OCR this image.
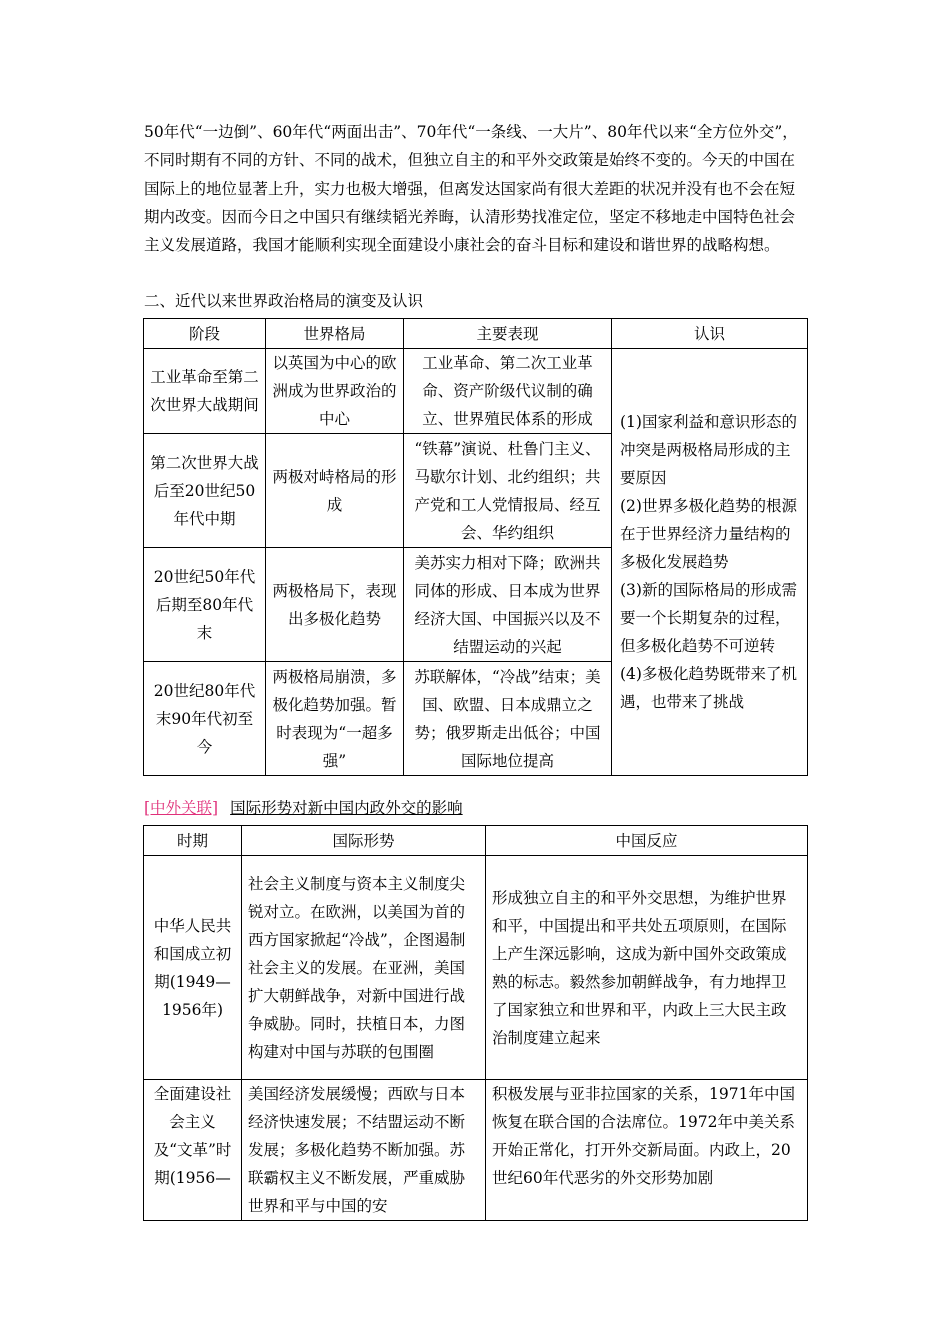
50年代“一边倒”、60年代“两面出击”、70年代“一条线、一大片”、80年代以来“全方位外交”，不同时期有不同的方针、不同的战术，但独立自主的和平外交政策是始终不变的。今天的中国在国际上的地位显著上升，实力也极大增强，但离发达国家尚有很大差距的状况并没有也不会在短期内改变。因而今日之中国只有继续韬光养晦，认清形势找准定位，坚定不移地走中国特色社会主义发展道路，我国才能顺利实现全面建设小康社会的奋斗目标和建设和谐世界的战略构想。

二、近代以来世界政治格局的演变及认识

阶段	世界格局	主要表现	认识
工业革命至第二次世界大战期间	以英国为中心的欧洲成为世界政治的中心	工业革命、第二次工业革命、资产阶级代议制的确立、世界殖民体系的形成	(1)国家利益和意识形态的冲突是两极格局形成的主要原因
(2)世界多极化趋势的根源在于世界经济力量结构的多极化发展趋势
(3)新的国际格局的形成需要一个长期复杂的过程，但多极化趋势不可逆转
(4)多极化趋势既带来了机遇，也带来了挑战

第二次世界大战后至20世纪50年代中期	两极对峙格局的形成	“铁幕”演说、杜鲁门主义、马歇尔计划、北约组织；共产党和工人党情报局、经互会、华约组织	
20世纪50年代后期至80年代末	两极格局下，表现出多极化趋势	美苏实力相对下降；欧洲共同体的形成、日本成为世界经济大国、中国振兴以及不结盟运动的兴起	
20世纪80年代末90年代初至今	两极格局崩溃，多极化趋势加强。暂时表现为“一超多强”	苏联解体，“冷战”结束；美国、欧盟、日本成鼎立之势；俄罗斯走出低谷；中国国际地位提高	
[中外关联] 国际形势对新中国内政外交的影响
时期	国际形势	中国反应
中华人民共和国成立初期(1949—1956年)	社会主义制度与资本主义制度尖锐对立。在欧洲，以美国为首的西方国家掀起“冷战”，企图遏制社会主义的发展。在亚洲，美国扩大朝鲜战争，对新中国进行战争威胁。同时，扶植日本，力图构建对中国与苏联的包围圈	形成独立自主的和平外交思想，为维护世界和平，中国提出和平共处五项原则，在国际上产生深远影响，这成为新中国外交政策成熟的标志。毅然参加朝鲜战争，有力地捍卫了国家独立和世界和平，内政上三大民主政治制度建立起来
全面建设社会主义及“文革”时期(1956—	美国经济发展缓慢；西欧与日本经济快速发展；不结盟运动不断发展；多极化趋势不断加强。苏联霸权主义不断发展，严重威胁世界和平与中国的安	积极发展与亚非拉国家的关系，1971年中国恢复在联合国的合法席位。1972年中美关系开始正常化，打开外交新局面。内政上，20世纪60年代恶劣的外交形势加剧
